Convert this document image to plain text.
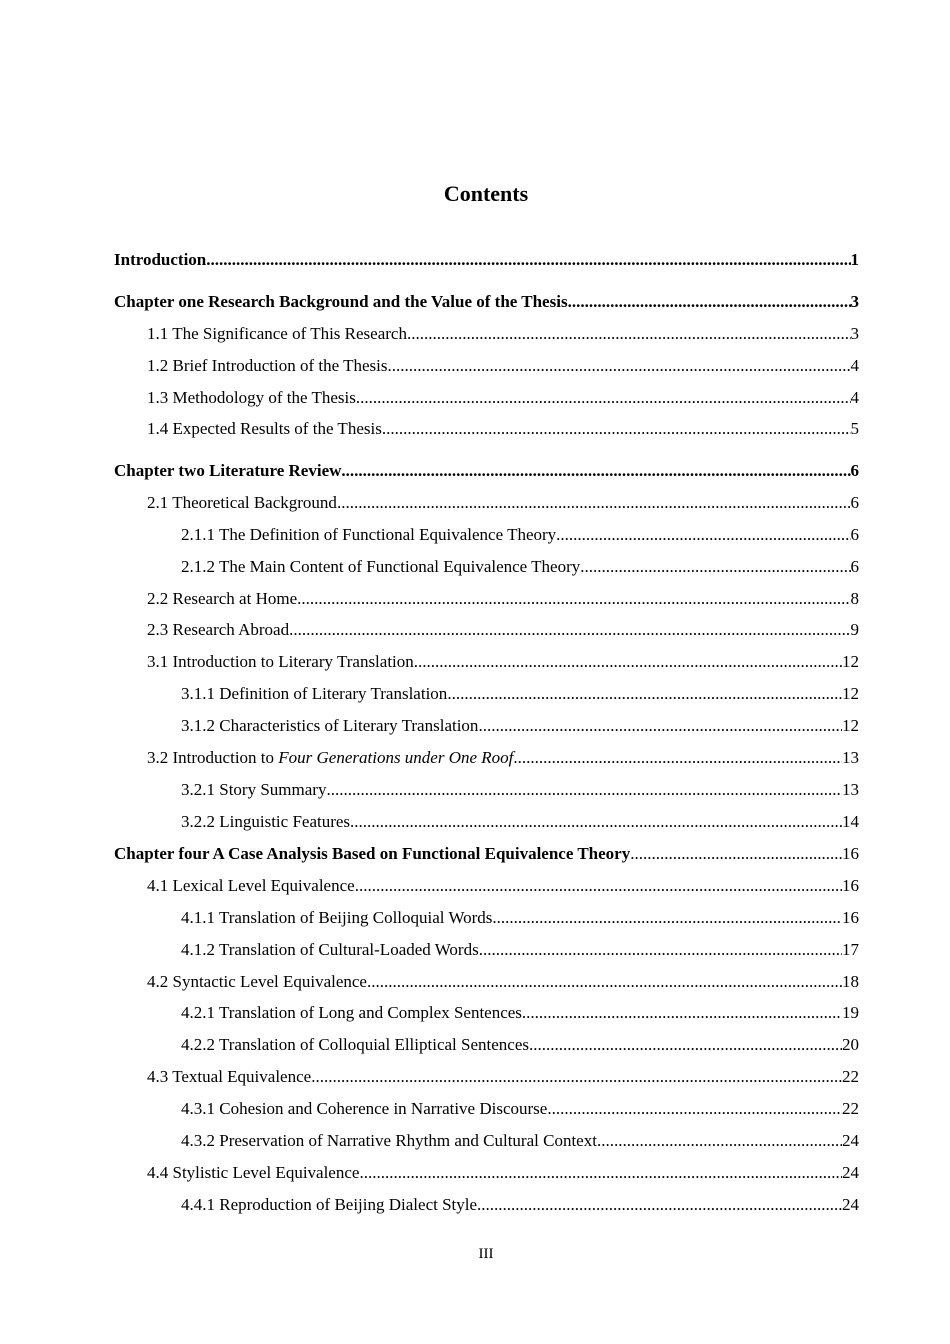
Contents
Introduction .....	1
Chapter one Research Background and the Value of the Thesis .....	3
1.1 The Significance of This Research .....	3
1.2 Brief Introduction of the Thesis .....	4
1.3 Methodology of the Thesis .....	4
1.4 Expected Results of the Thesis .....	5
Chapter two Literature Review .....	6
2.1 Theoretical Background .....	6
2.1.1 The Definition of Functional Equivalence Theory .....	6
2.1.2 The Main Content of Functional Equivalence Theory .....	6
2.2 Research at Home .....	8
2.3 Research Abroad .....	9
3.1 Introduction to Literary Translation .....	12
3.1.1 Definition of Literary Translation .....	12
3.1.2 Characteristics of Literary Translation .....	12
3.2 Introduction to Four Generations under One Roof .....	13
3.2.1 Story Summary .....	13
3.2.2 Linguistic Features .....	14
Chapter four A Case Analysis Based on Functional Equivalence Theory .....	16
4.1 Lexical Level Equivalence .....	16
4.1.1 Translation of Beijing Colloquial Words .....	16
4.1.2 Translation of Cultural-Loaded Words .....	17
4.2 Syntactic Level Equivalence .....	18
4.2.1 Translation of Long and Complex Sentences .....	19
4.2.2 Translation of Colloquial Elliptical Sentences .....	20
4.3 Textual Equivalence .....	22
4.3.1 Cohesion and Coherence in Narrative Discourse .....	22
4.3.2 Preservation of Narrative Rhythm and Cultural Context .....	24
4.4 Stylistic Level Equivalence .....	24
4.4.1 Reproduction of Beijing Dialect Style .....	24
III
